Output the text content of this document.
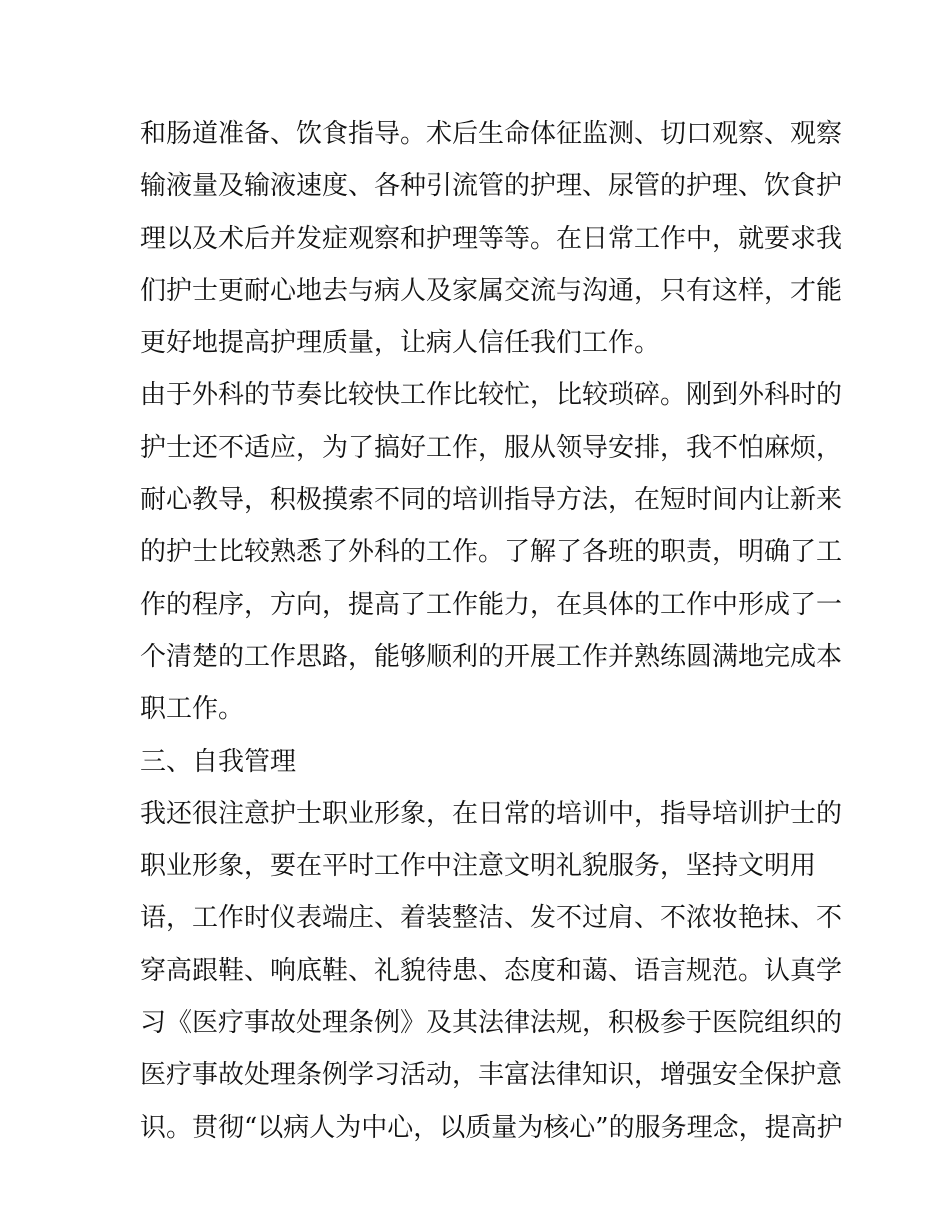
和肠道准备、饮食指导。术后生命体征监测、切口观察、观察
输液量及输液速度、各种引流管的护理、尿管的护理、饮食护
理以及术后并发症观察和护理等等。在日常工作中，就要求我
们护士更耐心地去与病人及家属交流与沟通，只有这样，才能
更好地提高护理质量，让病人信任我们工作。
由于外科的节奏比较快工作比较忙，比较琐碎。刚到外科时的
护士还不适应，为了搞好工作，服从领导安排，我不怕麻烦，
耐心教导，积极摸索不同的培训指导方法，在短时间内让新来
的护士比较熟悉了外科的工作。了解了各班的职责，明确了工
作的程序，方向，提高了工作能力，在具体的工作中形成了一
个清楚的工作思路，能够顺利的开展工作并熟练圆满地完成本
职工作。
三、自我管理
我还很注意护士职业形象，在日常的培训中，指导培训护士的
职业形象，要在平时工作中注意文明礼貌服务，坚持文明用
语，工作时仪表端庄、着装整洁、发不过肩、不浓妆艳抹、不
穿高跟鞋、响底鞋、礼貌待患、态度和蔼、语言规范。认真学
习《医疗事故处理条例》及其法律法规，积极参于医院组织的
医疗事故处理条例学习活动，丰富法律知识，增强安全保护意
识。贯彻“以病人为中心，以质量为核心”的服务理念，提高护
